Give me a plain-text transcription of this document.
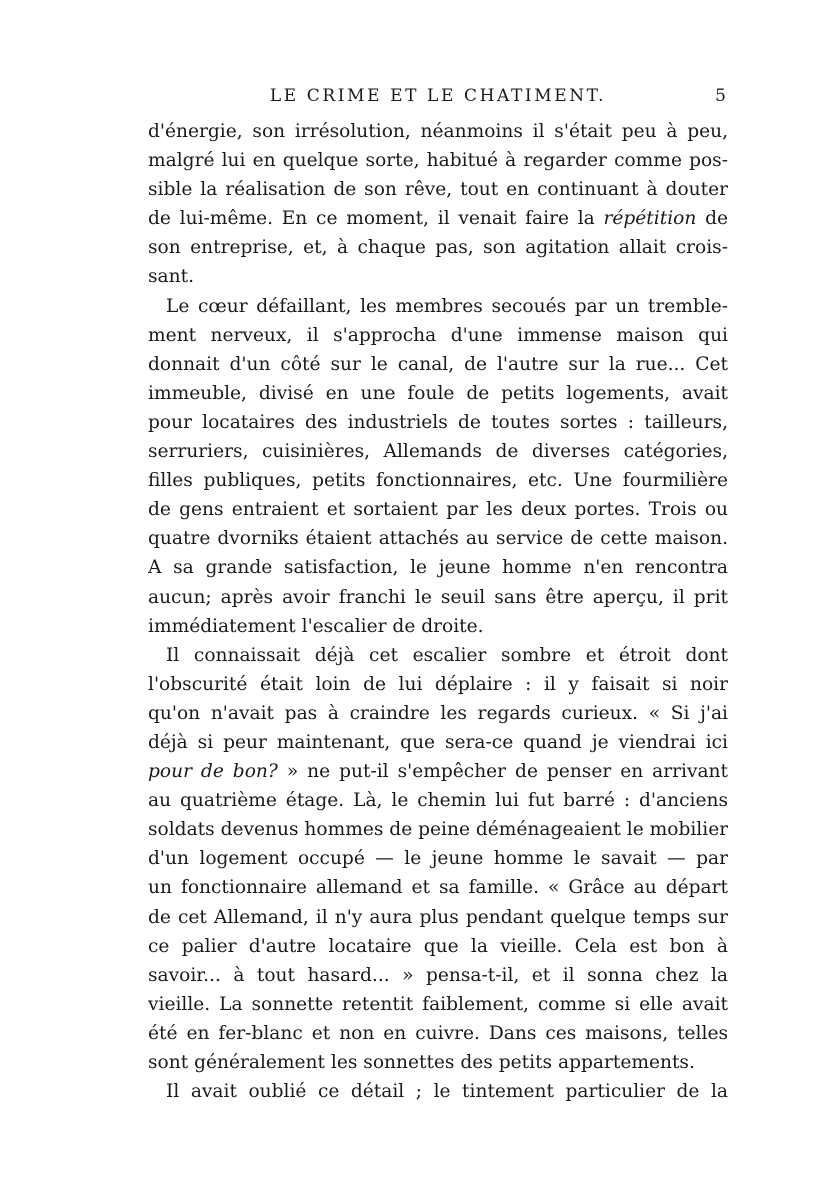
LE CRIME ET LE CHATIMENT.	5
d'énergie, son irrésolution, néanmoins il s'était peu à peu,
malgré lui en quelque sorte, habitué à regarder comme pos-
sible la réalisation de son rêve, tout en continuant à douter
de lui-même. En ce moment, il venait faire la répétition de
son entreprise, et, à chaque pas, son agitation allait crois-
sant.
Le cœur défaillant, les membres secoués par un tremble-
ment nerveux, il s'approcha d'une immense maison qui
donnait d'un côté sur le canal, de l'autre sur la rue... Cet
immeuble, divisé en une foule de petits logements, avait
pour locataires des industriels de toutes sortes : tailleurs,
serruriers, cuisinières, Allemands de diverses catégories,
filles publiques, petits fonctionnaires, etc. Une fourmilière
de gens entraient et sortaient par les deux portes. Trois ou
quatre dvorniks étaient attachés au service de cette maison.
A sa grande satisfaction, le jeune homme n'en rencontra
aucun; après avoir franchi le seuil sans être aperçu, il prit
immédiatement l'escalier de droite.
Il connaissait déjà cet escalier sombre et étroit dont
l'obscurité était loin de lui déplaire : il y faisait si noir
qu'on n'avait pas à craindre les regards curieux. « Si j'ai
déjà si peur maintenant, que sera-ce quand je viendrai ici
pour de bon? » ne put-il s'empêcher de penser en arrivant
au quatrième étage. Là, le chemin lui fut barré : d'anciens
soldats devenus hommes de peine déménageaient le mobilier
d'un logement occupé — le jeune homme le savait — par
un fonctionnaire allemand et sa famille. « Grâce au départ
de cet Allemand, il n'y aura plus pendant quelque temps sur
ce palier d'autre locataire que la vieille. Cela est bon à
savoir... à tout hasard... » pensa-t-il, et il sonna chez la
vieille. La sonnette retentit faiblement, comme si elle avait
été en fer-blanc et non en cuivre. Dans ces maisons, telles
sont généralement les sonnettes des petits appartements.
Il avait oublié ce détail ; le tintement particulier de la
